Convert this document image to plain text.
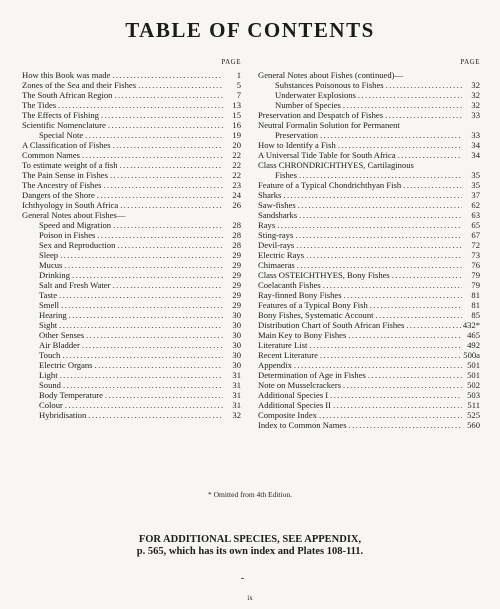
TABLE OF CONTENTS
PAGE
How this Book was made .....	1
Zones of the Sea and their Fishes .....	5
The South African Region .....	7
The Tides .....	13
The Effects of Fishing .....	15
Scientific Nomenclature .....	16
Special Note .....	19
A Classification of Fishes .....	20
Common Names .....	22
To estimate weight of a fish .....	22
The Pain Sense in Fishes .....	22
The Ancestry of Fishes .....	23
Dangers of the Shore .....	24
Ichthyology in South Africa .....	26
General Notes about Fishes—
Speed and Migration .....	28
Poison in Fishes .....	28
Sex and Reproduction .....	28
Sleep .....	29
Mucus .....	29
Drinking .....	29
Salt and Fresh Water .....	29
Taste .....	29
Smell .....	29
Hearing .....	30
Sight .....	30
Other Senses .....	30
Air Bladder .....	30
Touch .....	30
Electric Organs .....	30
Light .....	31
Sound .....	31
Body Temperature .....	31
Colour .....	31
Hybridisation .....	32
PAGE
General Notes about Fishes (continued)—
Substances Poisonous to Fishes .....	32
Underwater Explosions .....	32
Number of Species .....	32
Preservation and Despatch of Fishes .....	33
Neutral Formalin Solution for Permanent
Preservation .....	33
How to Identify a Fish .....	34
A Universal Tide Table for South Africa .....	34
Class CHRONDRICHTHYES, Cartilaginous
Fishes .....	35
Feature of a Typical Chondrichthyan Fish .....	35
Sharks .....	37
Saw-fishes .....	62
Sandsharks .....	63
Rays .....	65
Sting-rays .....	67
Devil-rays .....	72
Electric Rays .....	73
Chimaeras .....	76
Class OSTEICHTHYES, Bony Fishes .....	79
Coelacanth Fishes .....	79
Ray-finned Bony Fishes .....	81
Features of a Typical Bony Fish .....	81
Bony Fishes, Systematic Account .....	85
Distribution Chart of South African Fishes .....	432*
Main Key to Bony Fishes .....	465
Literature List .....	492
Recent Literature .....	500a
Appendix .....	501
Determination of Age in Fishes .....	501
Note on Musselcrackers .....	502
Additional Species I .....	503
Additional Species II .....	511
Composite Index .....	525
Index to Common Names .....	560
* Omitted from 4th Edition.
FOR ADDITIONAL SPECIES, SEE APPENDIX,
p. 565, which has its own index and Plates 108-111.
ix
